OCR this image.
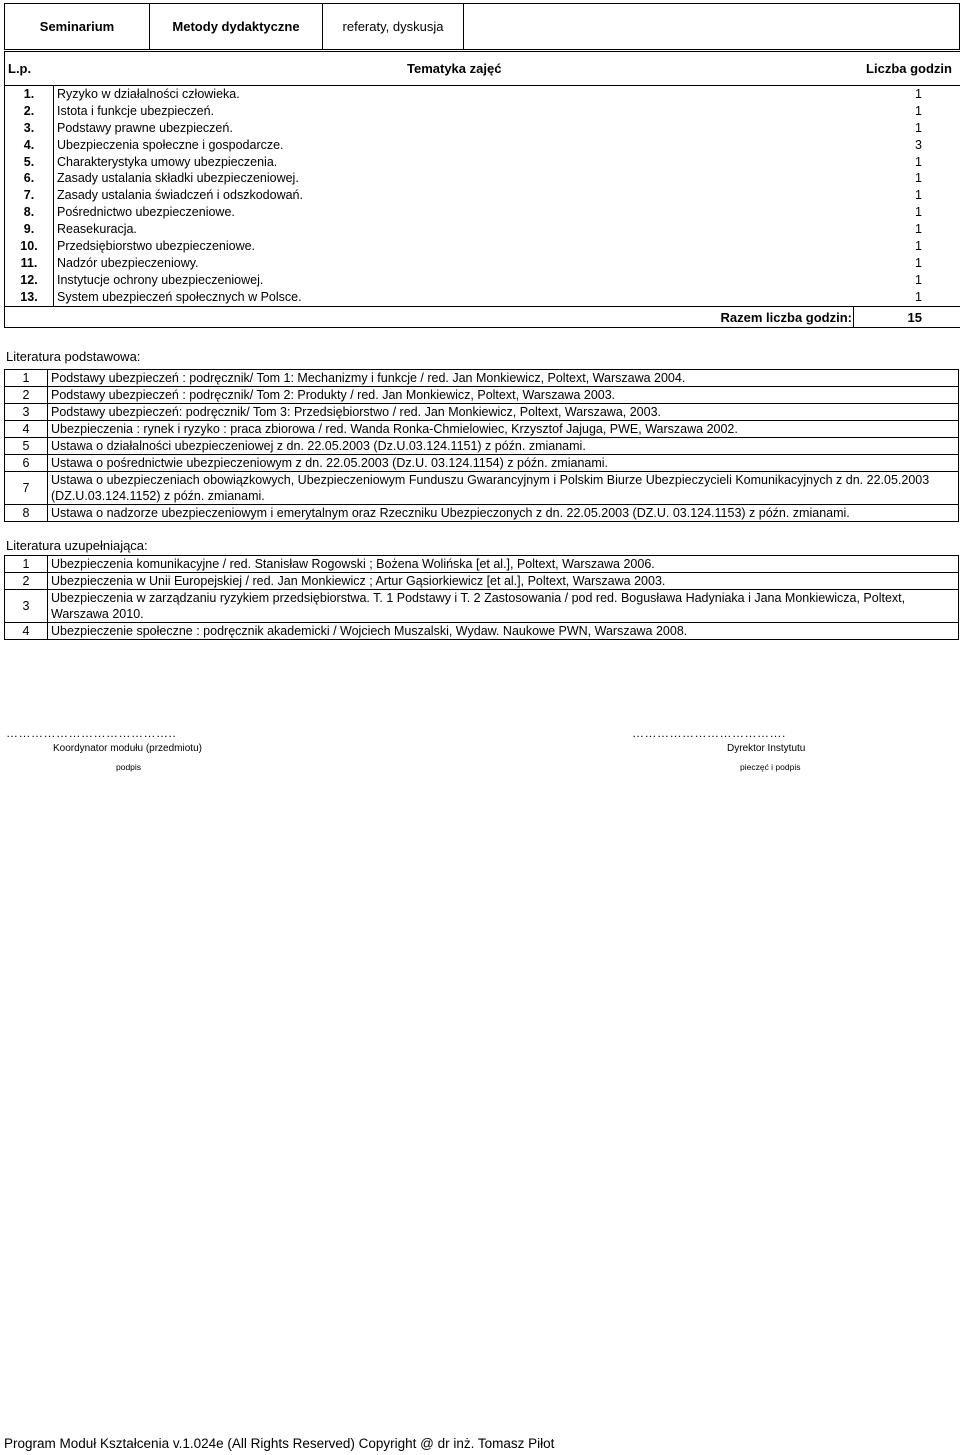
Seminarium	Metody dydaktyczne	referaty, dyskusja
L.p.	Tematyka zajęć	Liczba godzin
1.	Ryzyko w działalności człowieka.	1
2.	Istota i funkcje ubezpieczeń.	1
3.	Podstawy prawne ubezpieczeń.	1
4.	Ubezpieczenia społeczne i gospodarcze.	3
5.	Charakterystyka umowy ubezpieczenia.	1
6.	Zasady ustalania składki ubezpieczeniowej.	1
7.	Zasady ustalania świadczeń i odszkodowań.	1
8.	Pośrednictwo ubezpieczeniowe.	1
9.	Reasekuracja.	1
10.	Przedsiębiorstwo ubezpieczeniowe.	1
11.	Nadzór ubezpieczeniowy.	1
12.	Instytucje ochrony ubezpieczeniowej.	1
13.	System ubezpieczeń społecznych w Polsce.	1
Razem liczba godzin:	15
Literatura podstawowa:
1	Podstawy ubezpieczeń : podręcznik/ Tom 1: Mechanizmy i funkcje / red. Jan Monkiewicz, Poltext, Warszawa 2004.
2	Podstawy ubezpieczeń : podręcznik/ Tom 2: Produkty / red. Jan Monkiewicz, Poltext, Warszawa 2003.
3	Podstawy ubezpieczeń: podręcznik/ Tom 3: Przedsiębiorstwo / red. Jan Monkiewicz, Poltext, Warszawa, 2003.
4	Ubezpieczenia : rynek i ryzyko : praca zbiorowa / red. Wanda Ronka-Chmielowiec, Krzysztof Jajuga, PWE, Warszawa 2002.
5	Ustawa o działalności ubezpieczeniowej z dn. 22.05.2003 (Dz.U.03.124.1151) z późn. zmianami.
6	Ustawa o pośrednictwie ubezpieczeniowym z dn. 22.05.2003 (Dz.U. 03.124.1154) z późn. zmianami.
7	Ustawa o ubezpieczeniach obowiązkowych, Ubezpieczeniowym Funduszu Gwarancyjnym i Polskim Biurze Ubezpieczycieli Komunikacyjnych z dn. 22.05.2003 (DZ.U.03.124.1152) z późn. zmianami.
8	Ustawa o nadzorze ubezpieczeniowym i emerytalnym oraz Rzeczniku Ubezpieczonych z dn. 22.05.2003 (DZ.U. 03.124.1153) z późn. zmianami.
Literatura uzupełniająca:
1	Ubezpieczenia komunikacyjne / red. Stanisław Rogowski ; Bożena Wolińska [et al.], Poltext, Warszawa 2006.
2	Ubezpieczenia w Unii Europejskiej / red. Jan Monkiewicz ; Artur Gąsiorkiewicz [et al.], Poltext, Warszawa 2003.
3	Ubezpieczenia w zarządzaniu ryzykiem przedsiębiorstwa. T. 1 Podstawy i T. 2 Zastosowania / pod red. Bogusława Hadyniaka i Jana Monkiewicza, Poltext, Warszawa 2010.
4	Ubezpieczenie społeczne : podręcznik akademicki / Wojciech Muszalski, Wydaw. Naukowe PWN, Warszawa 2008.
…………………………………..
Koordynator modułu (przedmiotu)
podpis
……………………………….
Dyrektor Instytutu
pieczęć i podpis
Program Moduł Kształcenia v.1.024e (All Rights Reserved) Copyright @ dr inż. Tomasz Piłot
